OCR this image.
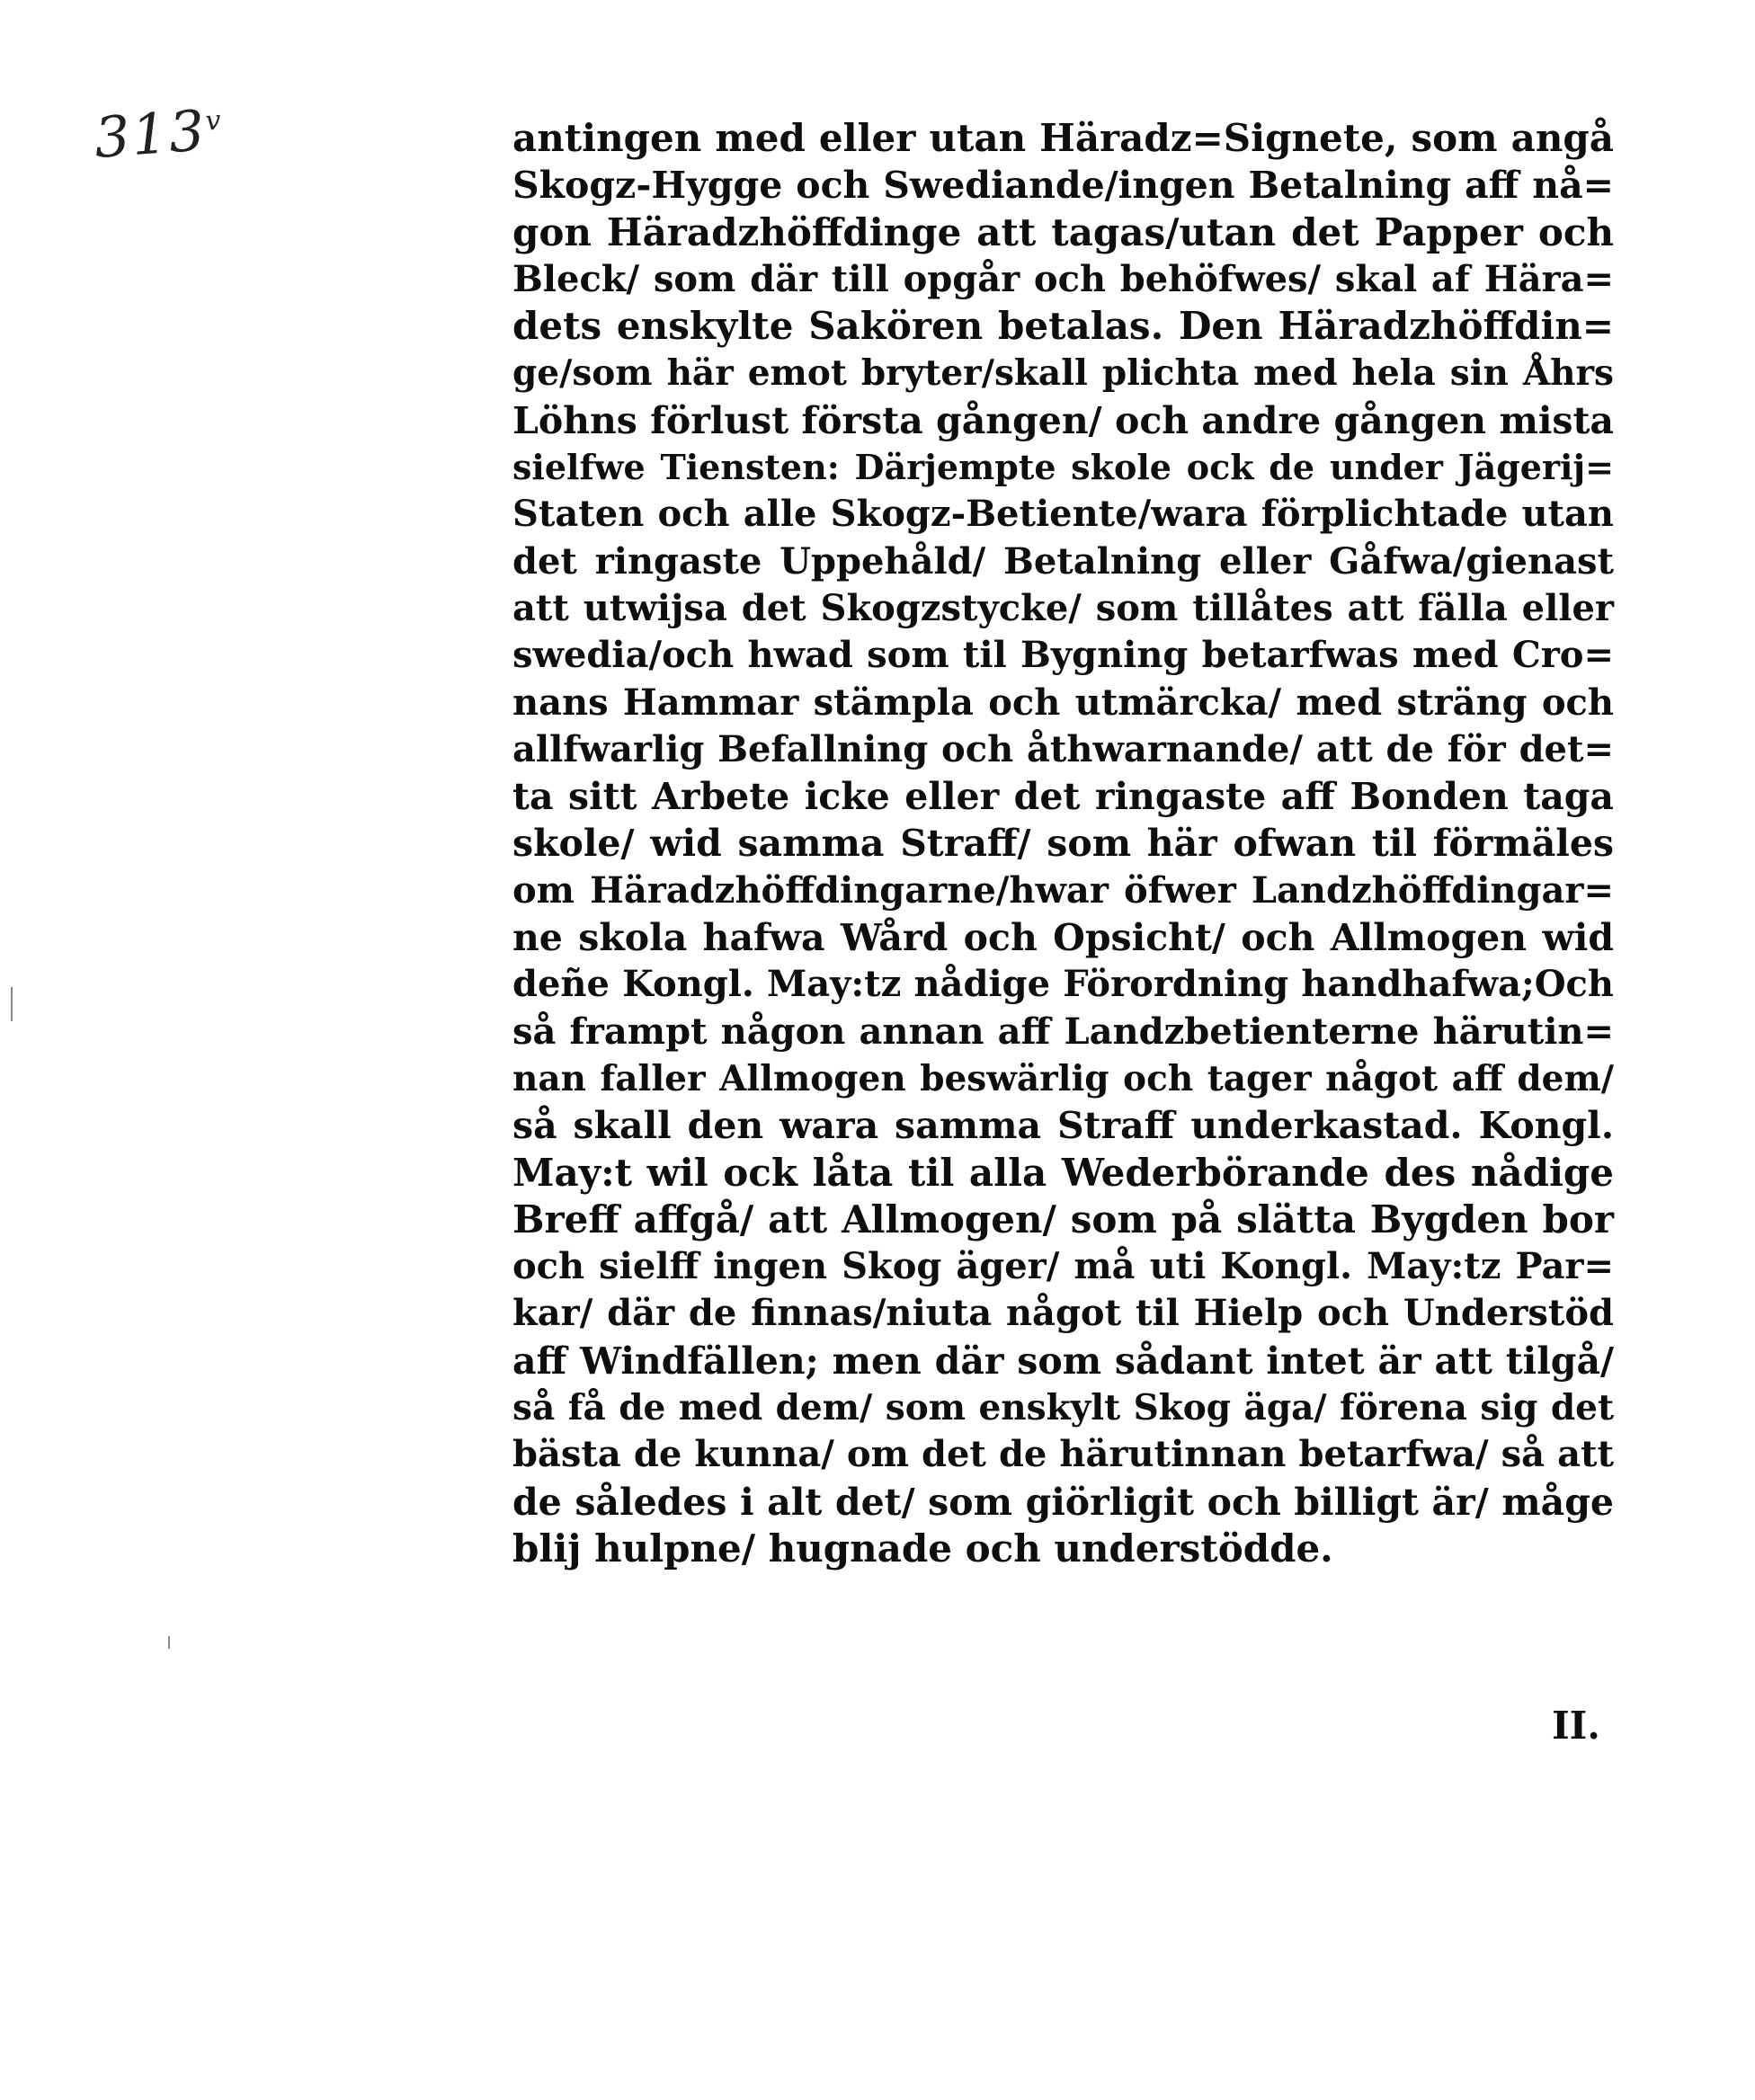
313$^v$	antingen med eller utan Häradz=Signete, som angå
Skogz-Hygge och Swediande/ingen Betalning aff nå=
gon Häradzhöffdinge att tagas/utan det Papper och
Bleck/ som där till opgår och behöfwes/ skal af Hära=
dets enskylte Sakören betalas. Den Häradzhöffdin=
ge/som här emot bryter/skall plichta med hela sin Åhrs
Löhns förlust första gången/ och andre gången mista
sielfwe Tiensten: Därjempte skole ock de under Jägerij=
Staten och alle Skogz-Betiente/wara förplichtade utan
det ringaste Uppehåld/ Betalning eller Gåfwa/gienast
att utwijsa det Skogzstycke/ som tillåtes att fälla eller
swedia/och hwad som til Bygning betarfwas med Cro=
nans Hammar stämpla och utmärcka/ med sträng och
allfwarlig Befallning och åthwarnande/ att de för det=
ta sitt Arbete icke eller det ringaste aff Bonden taga
skole/ wid samma Straff/ som här ofwan til förmäles
om Häradzhöffdingarne/hwar öfwer Landzhöffdingar=
ne skola hafwa Wård och Opsicht/ och Allmogen wid
deñe Kongl. May:tz nådige Förordning handhafwa;Och
så frampt någon annan aff Landzbetienterne härutin=
nan faller Allmogen beswärlig och tager något aff dem/
så skall den wara samma Straff underkastad. Kongl.
May:t wil ock låta til alla Wederbörande des nådige
Breff affgå/ att Allmogen/ som på slätta Bygden bor
och sielff ingen Skog äger/ må uti Kongl. May:tz Par=
kar/ där de finnas/niuta något til Hielp och Understöd
aff Windfällen; men där som sådant intet är att tilgå/
så få de med dem/ som enskylt Skog äga/ förena sig det
bästa de kunna/ om det de härutinnan betarfwa/ så att
de således i alt det/ som giörligit och billigt är/ måge
blij hulpne/ hugnade och understödde.
II.
